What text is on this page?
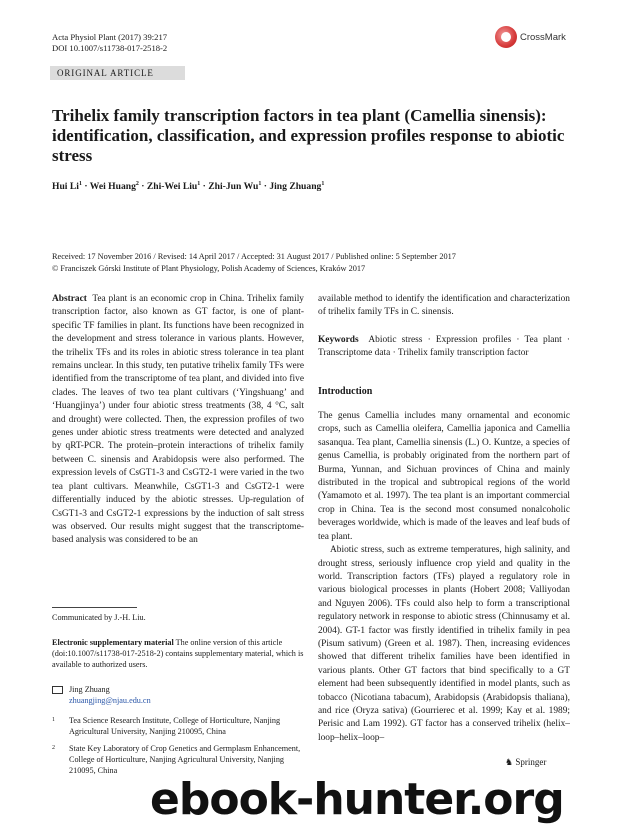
Acta Physiol Plant (2017) 39:217
DOI 10.1007/s11738-017-2518-2
ORIGINAL ARTICLE
CrossMark
Trihelix family transcription factors in tea plant (Camellia sinensis): identification, classification, and expression profiles response to abiotic stress
Hui $Li^1$ · Wei Huang$^2$ · Zhi-Wei Liu$^1$ · Zhi-Jun $Wu^1$ · Jing Zhuang$^1$
Received: 17 November 2016 / Revised: 14 April 2017 / Accepted: 31 August 2017 / Published online: 5 September 2017
© Franciszek Górski Institute of Plant Physiology, Polish Academy of Sciences, Kraków 2017

Abstract Tea plant is an economic crop in China. Trihelix family transcription factor, also known as GT factor, is one of plant-specific TF families in plant. Its functions have been recognized in the development and stress tolerance in various plants. However, the trihelix TFs and its roles in abiotic stress tolerance in tea plant remains unclear. In this study, ten putative trihelix family TFs were identified from the transcriptome of tea plant, and divided into five clades. The leaves of two tea plant cultivars (‘Yingshuang’ and ‘Huangjinya’) under four abiotic stress treatments (38, 4 °C, salt and drought) were collected. Then, the expression profiles of two genes under abiotic stress treatments were detected and analyzed by qRT-PCR. The protein–protein interactions of trihelix family between C. sinensis and Arabidopsis were also performed. The expression levels of CsGT1-3 and CsGT2-1 were varied in the two tea plant cultivars. Meanwhile, CsGT1-3 and CsGT2-1 were differentially induced by the abiotic stresses. Up-regulation of CsGT1-3 and CsGT2-1 expressions by the induction of salt stress was observed. Our results might suggest that the transcriptome-based analysis was considered to be an

Communicated by J.-H. Liu.
Electronic supplementary material The online version of this article (doi:10.1007/s11738-017-2518-2) contains supplementary material, which is available to authorized users.
Jing Zhuang
zhuangjing@njau.edu.cn
1	Tea Science Research Institute, College of Horticulture, Nanjing Agricultural University, Nanjing 210095, China
2	State Key Laboratory of Crop Genetics and Germplasm Enhancement, College of Horticulture, Nanjing Agricultural University, Nanjing 210095, China

available method to identify the identification and characterization of trihelix family TFs in C. sinensis.

Keywords Abiotic stress · Expression profiles · Tea plant · Transcriptome data · Trihelix family transcription factor

Introduction

The genus Camellia includes many ornamental and economic crops, such as Camellia oleifera, Camellia japonica and Camellia sasanqua. Tea plant, Camellia sinensis (L.) O. Kuntze, a species of genus Camellia, is probably originated from the northern part of Burma, Yunnan, and Sichuan provinces of China and mainly distributed in the tropical and subtropical regions of the world (Yamamoto et al. 1997). The tea plant is an important commercial crop in China. Tea is the second most consumed nonalcoholic beverages worldwide, which is made of the leaves and leaf buds of tea plant.

Abiotic stress, such as extreme temperatures, high salinity, and drought stress, seriously influence crop yield and quality in the world. Transcription factors (TFs) played a regulatory role in various biological processes in plants (Hobert 2008; Valliyodan and Nguyen 2006). TFs could also help to form a transcriptional regulatory network in response to abiotic stress (Chinnusamy et al. 2004). GT-1 factor was firstly identified in trihelix family in pea (Pisum sativum) (Green et al. 1987). Then, increasing evidences showed that different trihelix families have been identified in various plants. Other GT factors that bind specifically to a GT element had been subsequently identified in model plants, such as tobacco (Nicotiana tabacum), Arabidopsis (Arabidopsis thaliana), and rice (Oryza sativa) (Gourrierec et al. 1999; Kay et al. 1989; Perisic and Lam 1992). GT factor has a conserved trihelix (helix–loop–helix–loop–

♞ Springer
ebook-hunter.org
